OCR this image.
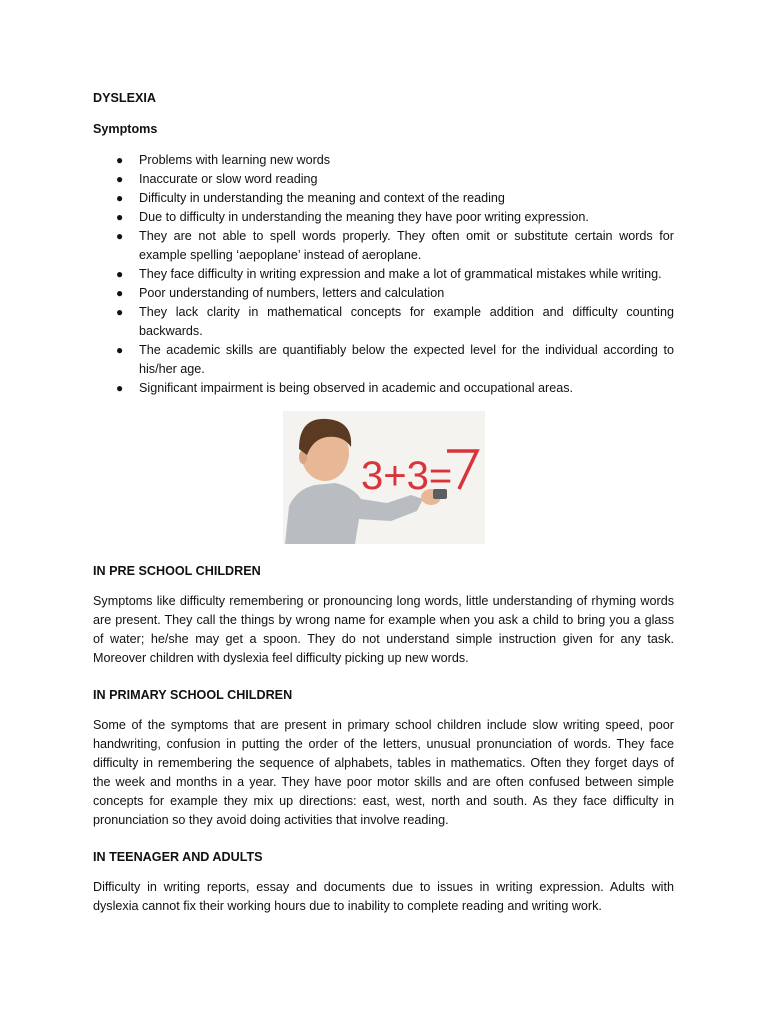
DYSLEXIA
Symptoms
● Problems with learning new words
● Inaccurate or slow word reading
● Difficulty in understanding the meaning and context of the reading
● Due to difficulty in understanding the meaning they have poor writing expression.
● They are not able to spell words properly. They often omit or substitute certain words for example spelling ‘aepoplane’ instead of aeroplane.
● They face difficulty in writing expression and make a lot of grammatical mistakes while writing.
● Poor understanding of numbers, letters and calculation
● They lack clarity in mathematical concepts for example addition and difficulty counting backwards.
● The academic skills are quantifiably below the expected level for the individual according to his/her age.
● Significant impairment is being observed in academic and occupational areas.
3+3=
IN PRE SCHOOL CHILDREN

Symptoms like difficulty remembering or pronouncing long words, little understanding of rhyming words are present. They call the things by wrong name for example when you ask a child to bring you a glass of water; he/she may get a spoon. They do not understand simple instruction given for any task. Moreover children with dyslexia feel difficulty picking up new words.

IN PRIMARY SCHOOL CHILDREN

Some of the symptoms that are present in primary school children include slow writing speed, poor handwriting, confusion in putting the order of the letters, unusual pronunciation of words. They face difficulty in remembering the sequence of alphabets, tables in mathematics. Often they forget days of the week and months in a year. They have poor motor skills and are often confused between simple concepts for example they mix up directions: east, west, north and south. As they face difficulty in pronunciation so they avoid doing activities that involve reading.

IN TEENAGER AND ADULTS

Difficulty in writing reports, essay and documents due to issues in writing expression. Adults with dyslexia cannot fix their working hours due to inability to complete reading and writing work.
